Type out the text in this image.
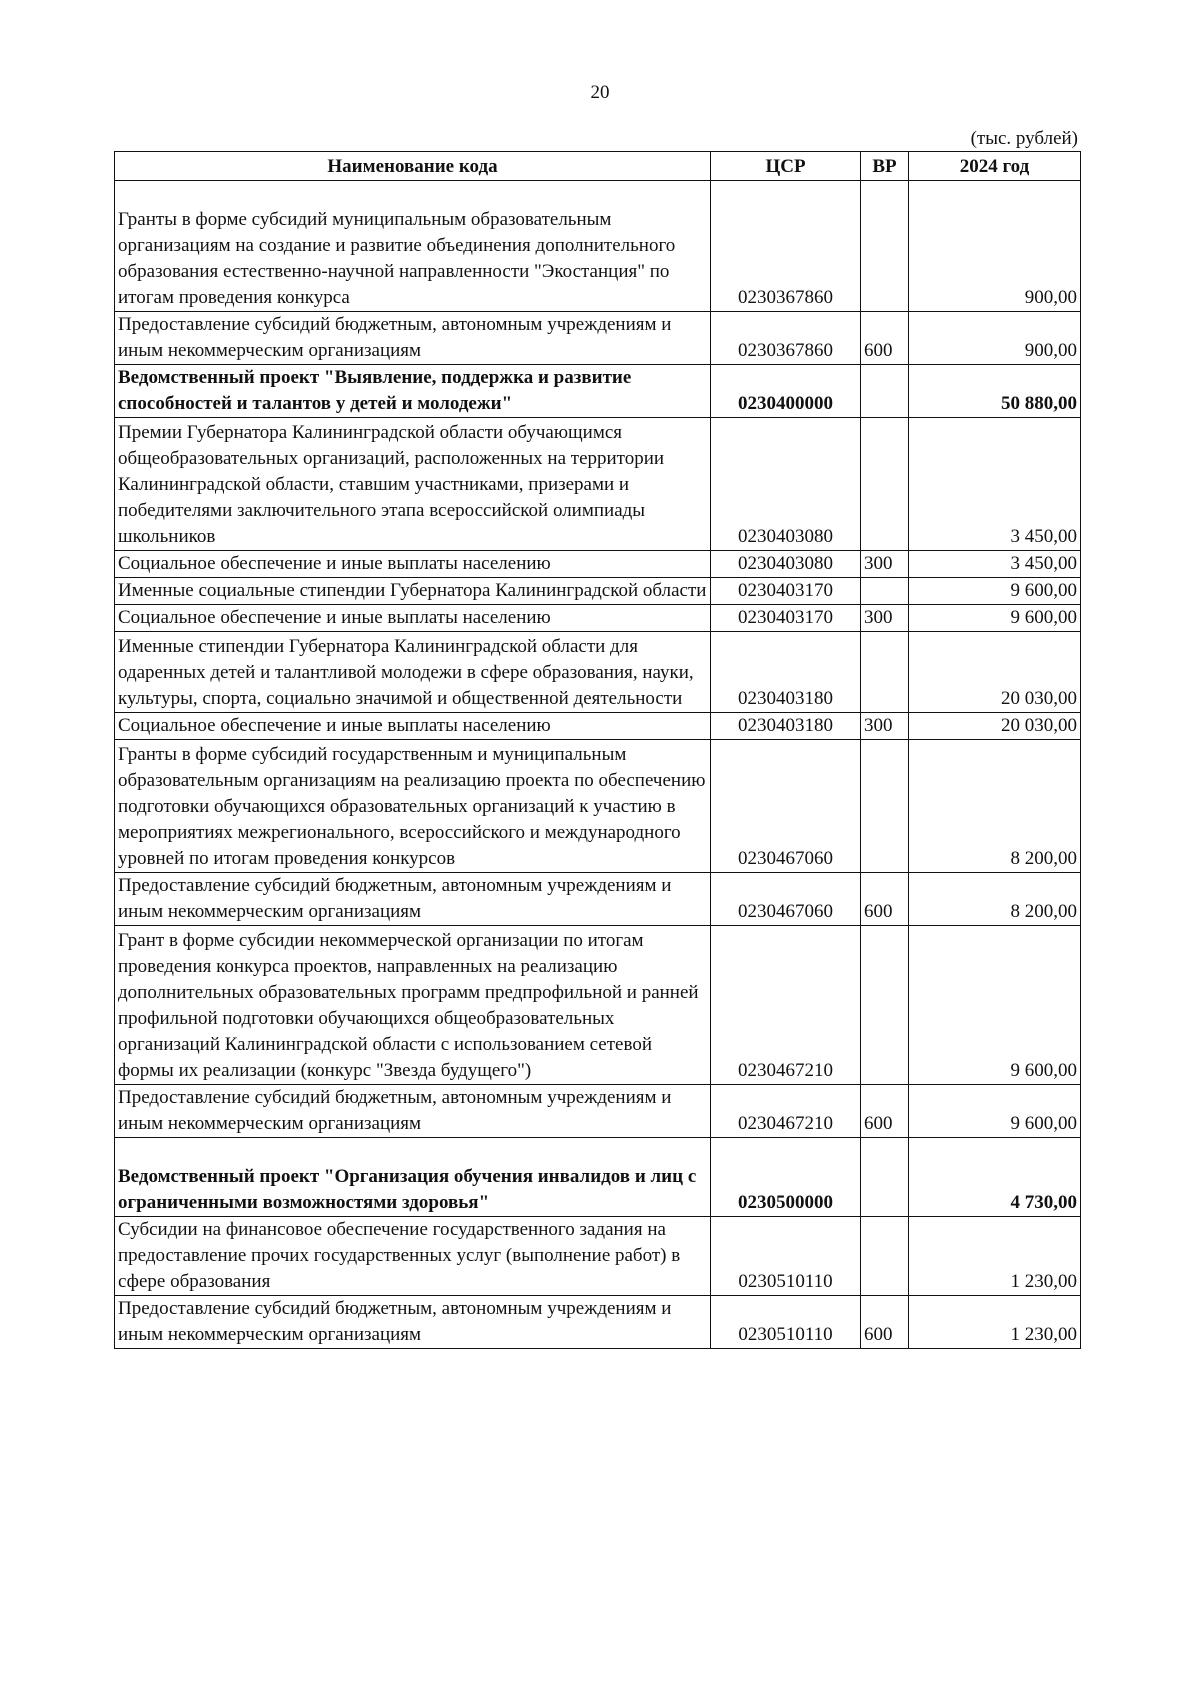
20
(тыс. рублей)
Наименование кода	ЦСР	ВР	2024 год
Гранты в форме субсидий муниципальным образовательным организациям на создание и развитие объединения дополнительного образования естественно-научной направленности "Экостанция" по итогам проведения конкурса	0230367860		900,00
Предоставление субсидий бюджетным, автономным учреждениям и иным некоммерческим организациям	0230367860	600	900,00
Ведомственный проект "Выявление, поддержка и развитие способностей и талантов у детей и молодежи"	0230400000		50 880,00
Премии Губернатора Калининградской области обучающимся общеобразовательных организаций, расположенных на территории Калининградской области, ставшим участниками, призерами и победителями заключительного этапа всероссийской олимпиады школьников	0230403080		3 450,00
Социальное обеспечение и иные выплаты населению	0230403080	300	3 450,00
Именные социальные стипендии Губернатора Калининградской области	0230403170		9 600,00
Социальное обеспечение и иные выплаты населению	0230403170	300	9 600,00
Именные стипендии Губернатора Калининградской области для одаренных детей и талантливой молодежи в сфере образования, науки, культуры, спорта, социально значимой и общественной деятельности	0230403180		20 030,00
Социальное обеспечение и иные выплаты населению	0230403180	300	20 030,00
Гранты в форме субсидий государственным и муниципальным образовательным организациям на реализацию проекта по обеспечению подготовки обучающихся образовательных организаций к участию в мероприятиях межрегионального, всероссийского и международного уровней по итогам проведения конкурсов	0230467060		8 200,00
Предоставление субсидий бюджетным, автономным учреждениям и иным некоммерческим организациям	0230467060	600	8 200,00
Грант в форме субсидии некоммерческой организации по итогам проведения конкурса проектов, направленных на реализацию дополнительных образовательных программ предпрофильной и ранней профильной подготовки обучающихся общеобразовательных организаций Калининградской области с использованием сетевой формы их реализации (конкурс "Звезда будущего")	0230467210		9 600,00
Предоставление субсидий бюджетным, автономным учреждениям и иным некоммерческим организациям	0230467210	600	9 600,00
Ведомственный проект "Организация обучения инвалидов и лиц с ограниченными возможностями здоровья"	0230500000		4 730,00
Субсидии на финансовое обеспечение государственного задания на предоставление прочих государственных услуг (выполнение работ) в сфере образования	0230510110		1 230,00
Предоставление субсидий бюджетным, автономным учреждениям и иным некоммерческим организациям	0230510110	600	1 230,00
